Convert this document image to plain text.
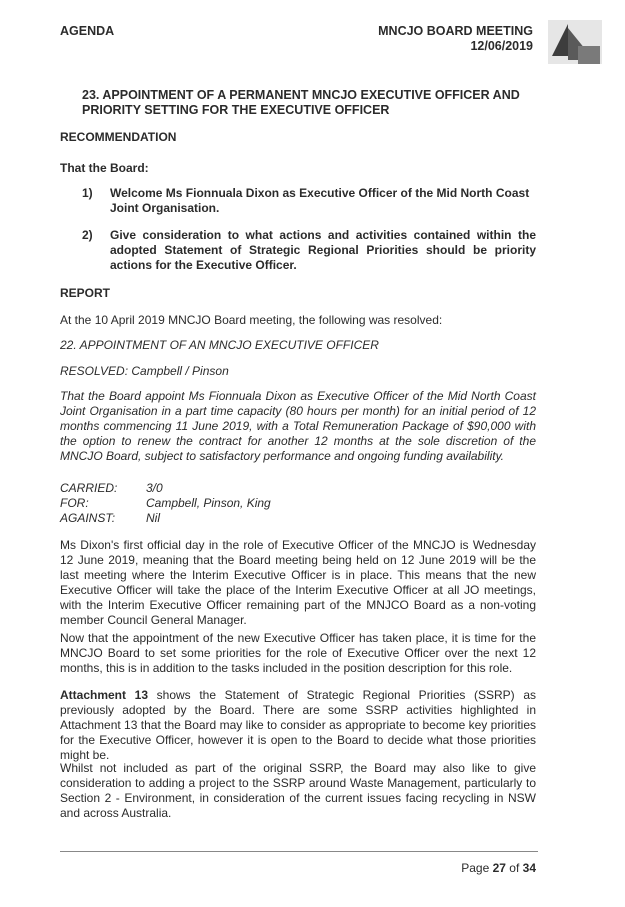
AGENDA	MNCJO BOARD MEETING
12/06/2019
23. APPOINTMENT OF A PERMANENT MNCJO EXECUTIVE OFFICER AND PRIORITY SETTING FOR THE EXECUTIVE OFFICER
RECOMMENDATION
That the Board:
1) Welcome Ms Fionnuala Dixon as Executive Officer of the Mid North Coast Joint Organisation.
2) Give consideration to what actions and activities contained within the adopted Statement of Strategic Regional Priorities should be priority actions for the Executive Officer.
REPORT
At the 10 April 2019 MNCJO Board meeting, the following was resolved:
22. APPOINTMENT OF AN MNCJO EXECUTIVE OFFICER
RESOLVED: Campbell / Pinson
That the Board appoint Ms Fionnuala Dixon as Executive Officer of the Mid North Coast Joint Organisation in a part time capacity (80 hours per month) for an initial period of 12 months commencing 11 June 2019, with a Total Remuneration Package of $90,000 with the option to renew the contract for another 12 months at the sole discretion of the MNCJO Board, subject to satisfactory performance and ongoing funding availability.
CARRIED: 3/0
FOR:	Campbell, Pinson, King
AGAINST:	Nil
Ms Dixon's first official day in the role of Executive Officer of the MNCJO is Wednesday 12 June 2019, meaning that the Board meeting being held on 12 June 2019 will be the last meeting where the Interim Executive Officer is in place. This means that the new Executive Officer will take the place of the Interim Executive Officer at all JO meetings, with the Interim Executive Officer remaining part of the MNJCO Board as a non-voting member Council General Manager.
Now that the appointment of the new Executive Officer has taken place, it is time for the MNCJO Board to set some priorities for the role of Executive Officer over the next 12 months, this is in addition to the tasks included in the position description for this role.
Attachment 13 shows the Statement of Strategic Regional Priorities (SSRP) as previously adopted by the Board. There are some SSRP activities highlighted in Attachment 13 that the Board may like to consider as appropriate to become key priorities for the Executive Officer, however it is open to the Board to decide what those priorities might be.
Whilst not included as part of the original SSRP, the Board may also like to give consideration to adding a project to the SSRP around Waste Management, particularly to Section 2 - Environment, in consideration of the current issues facing recycling in NSW and across Australia.
Page 27 of 34
